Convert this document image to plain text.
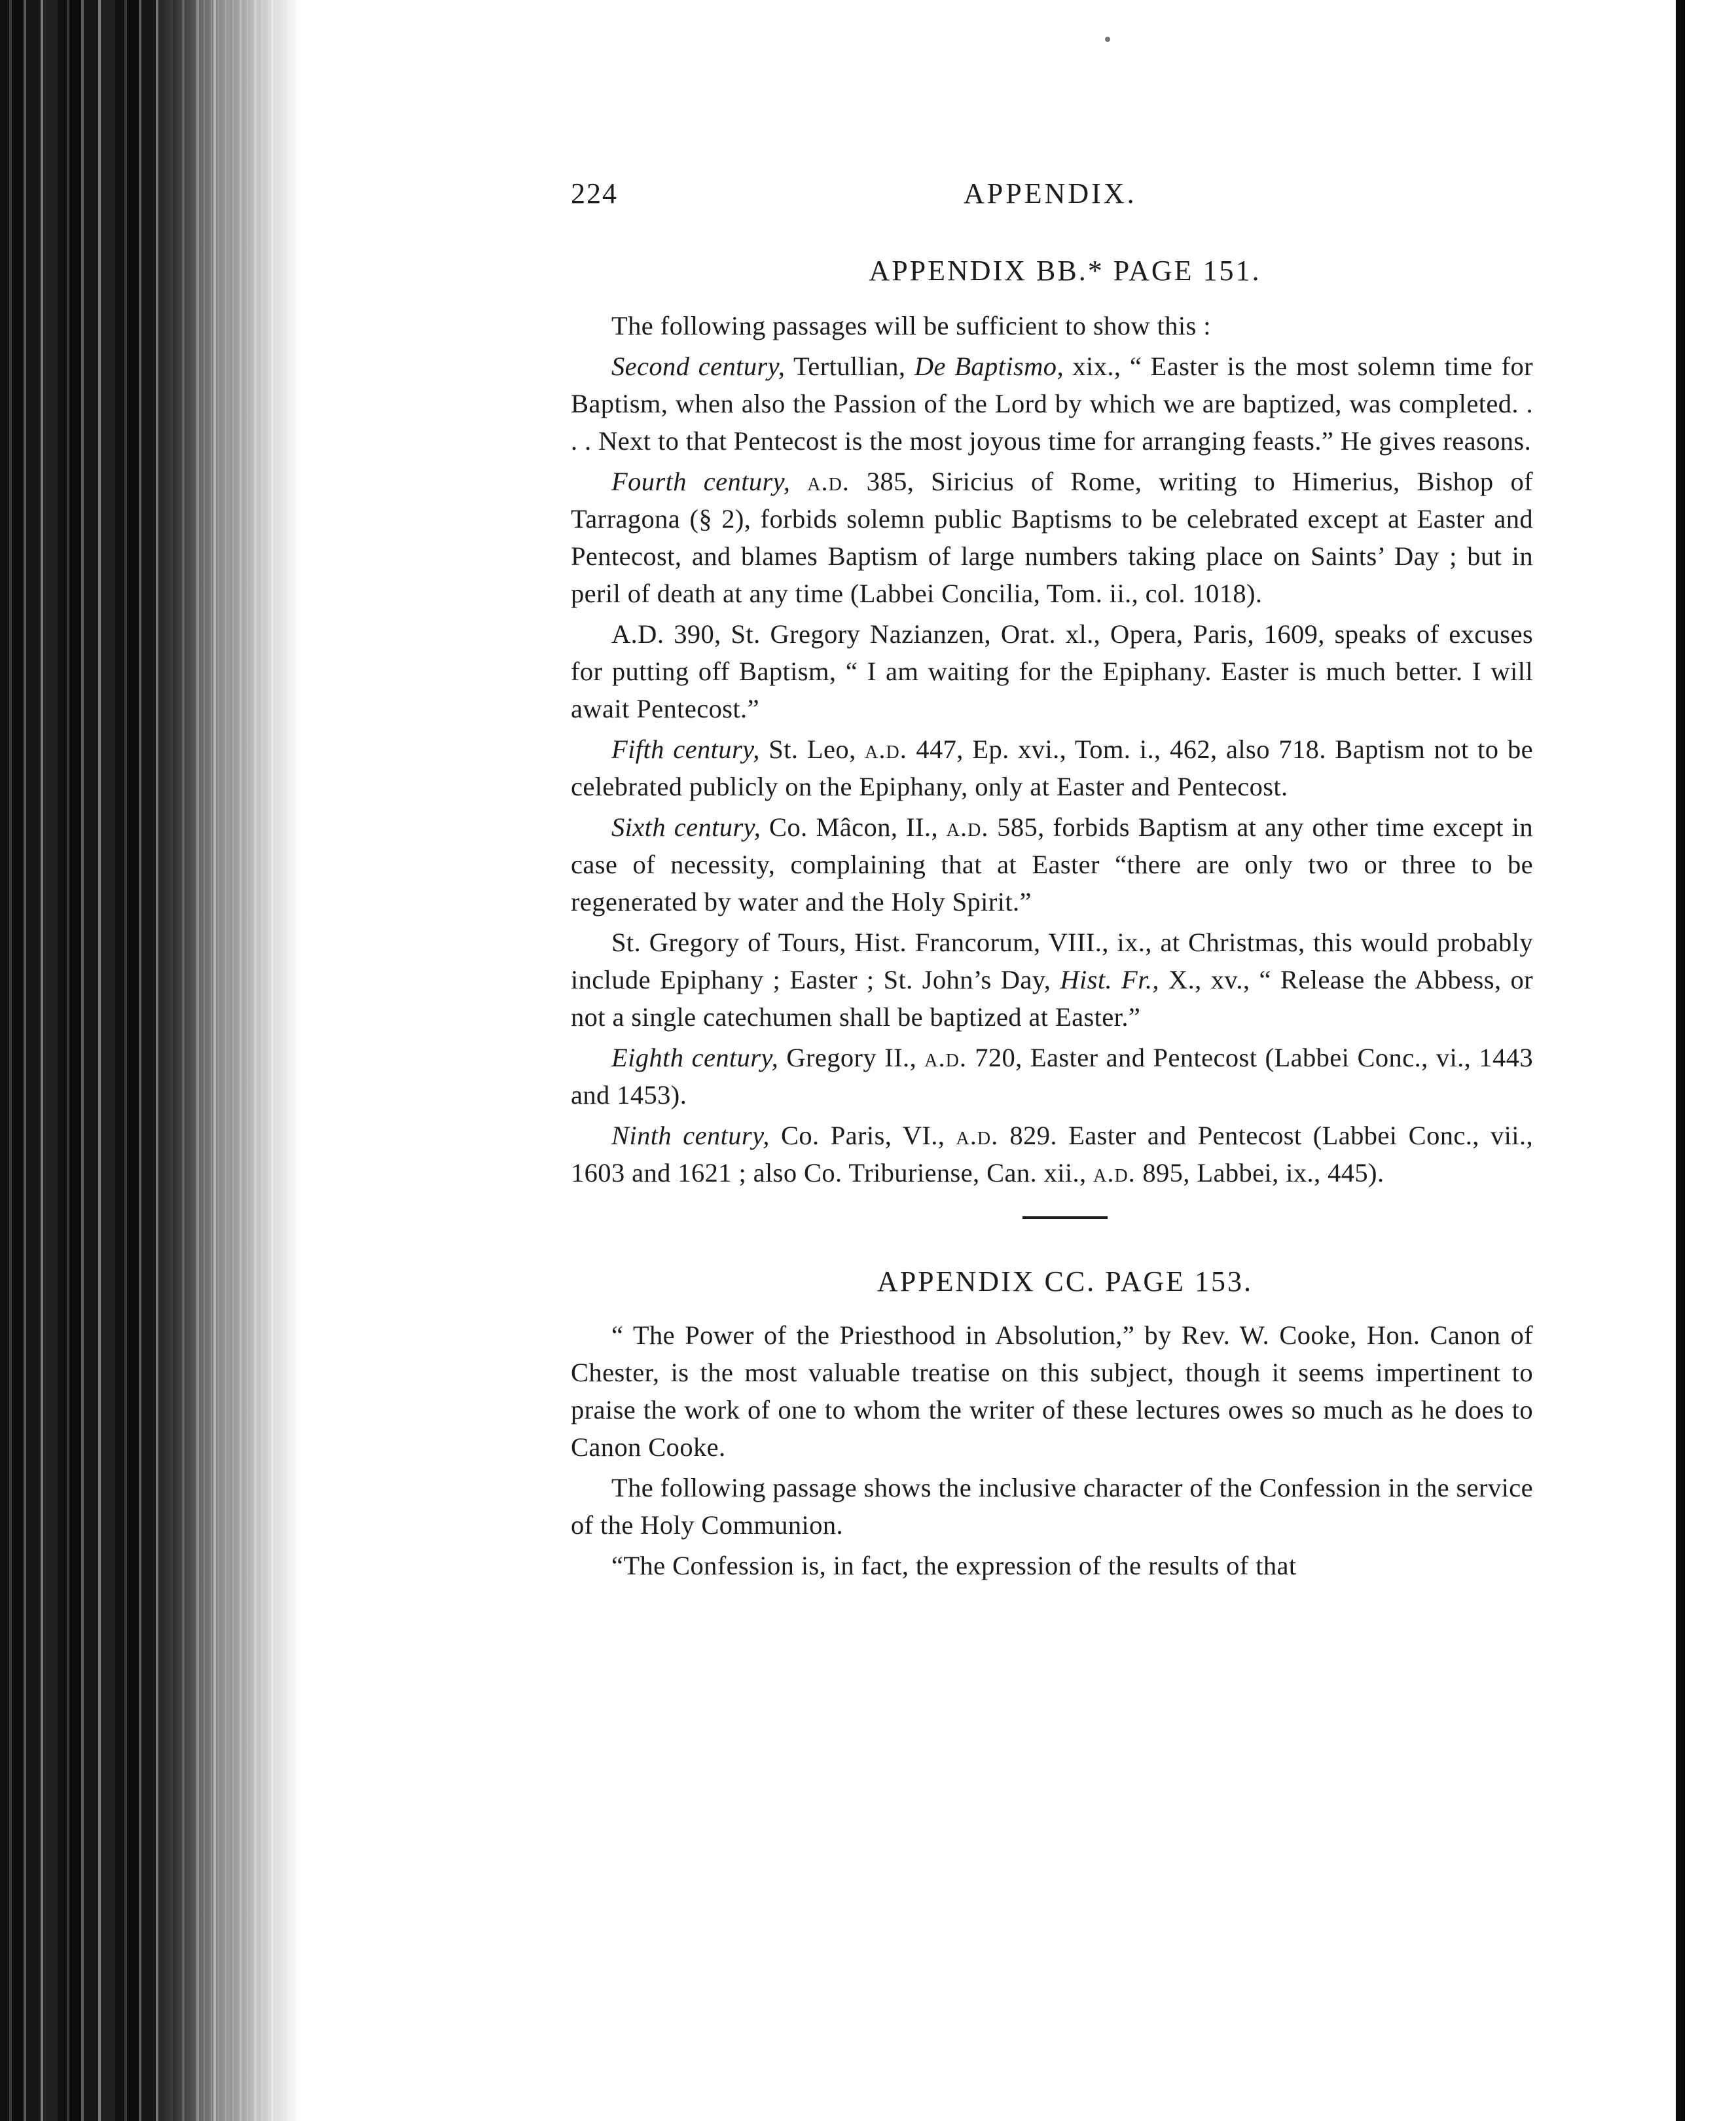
224	APPENDIX.
APPENDIX BB.* PAGE 151.

The following passages will be sufficient to show this :

Second century, Tertullian, De Baptismo, xix., “ Easter is the most solemn time for Baptism, when also the Passion of the Lord by which we are baptized, was completed. . . . Next to that Pentecost is the most joyous time for arranging feasts.” He gives reasons.

Fourth century, a.d. 385, Siricius of Rome, writing to Himerius, Bishop of Tarragona (§ 2), forbids solemn public Baptisms to be celebrated except at Easter and Pentecost, and blames Baptism of large numbers taking place on Saints’ Day ; but in peril of death at any time (Labbei Concilia, Tom. ii., col. 1018).

A.D. 390, St. Gregory Nazianzen, Orat. xl., Opera, Paris, 1609, speaks of excuses for putting off Baptism, “ I am waiting for the Epiphany. Easter is much better. I will await Pentecost.”

Fifth century, St. Leo, a.d. 447, Ep. xvi., Tom. i., 462, also 718. Baptism not to be celebrated publicly on the Epiphany, only at Easter and Pentecost.

Sixth century, Co. Mâcon, II., a.d. 585, forbids Baptism at any other time except in case of necessity, complaining that at Easter “there are only two or three to be regenerated by water and the Holy Spirit.”

St. Gregory of Tours, Hist. Francorum, VIII., ix., at Christmas, this would probably include Epiphany ; Easter ; St. John’s Day, Hist. Fr., X., xv., “ Release the Abbess, or not a single catechumen shall be baptized at Easter.”

Eighth century, Gregory II., a.d. 720, Easter and Pentecost (Labbei Conc., vi., 1443 and 1453).

Ninth century, Co. Paris, VI., a.d. 829. Easter and Pentecost (Labbei Conc., vii., 1603 and 1621 ; also Co. Triburiense, Can. xii., a.d. 895, Labbei, ix., 445).

APPENDIX CC. PAGE 153.

“ The Power of the Priesthood in Absolution,” by Rev. W. Cooke, Hon. Canon of Chester, is the most valuable treatise on this subject, though it seems impertinent to praise the work of one to whom the writer of these lectures owes so much as he does to Canon Cooke.

The following passage shows the inclusive character of the Confession in the service of the Holy Communion.

“The Confession is, in fact, the expression of the results of that
